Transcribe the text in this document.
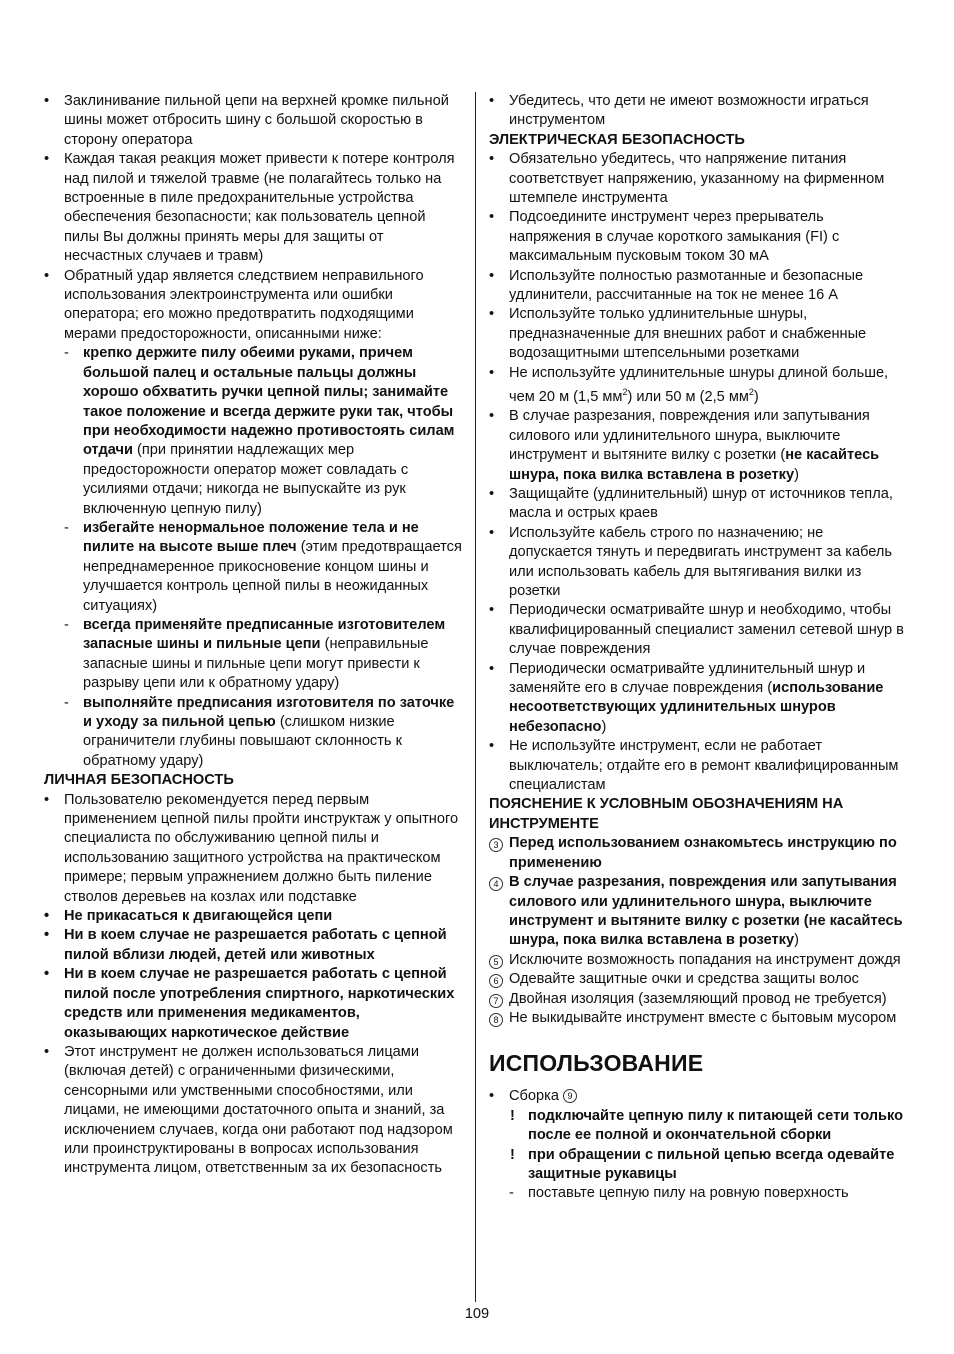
• Заклинивание пильной цепи на верхней кромке пильной шины может отбросить шину с большой скоростью в сторону оператора
• Каждая такая реакция может привести к потере контроля над пилой и тяжелой травме (не полагайтесь только на встроенные в пиле предохранительные устройства обеспечения безопасности; как пользователь цепной пилы Вы должны принять меры для защиты от несчастных случаев и травм)
• Обратный удар является следствием неправильного использования электроинструмента или ошибки оператора; его можно предотвратить подходящими мерами предосторожности, описанными ниже:
- крепко держите пилу обеими руками, причем большой палец и остальные пальцы должны хорошо обхватить ручки цепной пилы; занимайте такое положение и всегда держите руки так, чтобы при необходимости надежно противостоять силам отдачи (при принятии надлежащих мер предосторожности оператор может совладать с усилиями отдачи; никогда не выпускайте из рук включенную цепную пилу)
- избегайте ненормальное положение тела и не пилите на высоте выше плеч (этим предотвращается непреднамеренное прикосновение концом шины и улучшается контроль цепной пилы в неожиданных ситуациях)
- всегда применяйте предписанные изготовителем запасные шины и пильные цепи (неправильные запасные шины и пильные цепи могут привести к разрыву цепи или к обратному удару)
- выполняйте предписания изготовителя по заточке и уходу за пильной цепью (слишком низкие ограничители глубины повышают склонность к обратному удару)
ЛИЧНАЯ БЕЗОПАСНОСТЬ
• Пользователю рекомендуется перед первым применением цепной пилы пройти инструктаж у опытного специалиста по обслуживанию цепной пилы и использованию защитного устройства на практическом примере; первым упражнением должно быть пиление стволов деревьев на козлах или подставке
• Не прикасаться к двигающейся цепи
• Ни в коем случае не разрешается работать с цепной пилой вблизи людей, детей или животных
• Ни в коем случае не разрешается работать с цепной пилой после употребления спиртного, наркотических средств или применения медикаментов, оказывающих наркотическое действие
• Этот инструмент не должен использоваться лицами (включая детей) с ограниченными физическими, сенсорными или умственными способностями, или лицами, не имеющими достаточного опыта и знаний, за исключением случаев, когда они работают под надзором или проинструктированы в вопросах использования инструмента лицом, ответственным за их безопасность
• Убедитесь, что дети не имеют возможности играться инструментом
ЭЛЕКТРИЧЕСКАЯ БЕЗОПАСНОСТЬ
• Обязательно убедитесь, что напряжение питания соответствует напряжению, указанному на фирменном штемпеле инструмента
• Подсоедините инструмент через прерыватель напряжения в случае короткого замыкания (FI) с максимальным пусковым током 30 мА
• Используйте полностью размотанные и безопасные удлинители, рассчитанные на ток не менее 16 А
• Используйте только удлинительные шнуры, предназначенные для внешних работ и снабженные водозащитными штепсельными розетками
• Не используйте удлинительные шнуры длиной больше, чем 20 м (1,5 $мм^2$) или 50 м (2,5 $мм^2$)
• В случае разрезания, повреждения или запутывания силового или удлинительного шнура, выключите инструмент и вытяните вилку с розетки (не касайтесь шнура, пока вилка вставлена в розетку)
• Защищайте (удлинительный) шнур от источников тепла, масла и острых краев
• Используйте кабель строго по назначению; не допускается тянуть и передвигать инструмент за кабель или использовать кабель для вытягивания вилки из розетки
• Периодически осматривайте шнур и необходимо, чтобы квалифицированный специалист заменил сетевой шнур в случае повреждения
• Периодически осматривайте удлинительный шнур и заменяйте его в случае повреждения (использование несоответствующих удлинительных шнуров небезопасно)
• Не используйте инструмент, если не работает выключатель; отдайте его в ремонт квалифицированным специалистам
ПОЯСНЕНИЕ К УСЛОВНЫМ ОБОЗНАЧЕНИЯМ НА ИНСТРУМЕНТЕ
3 Перед использованием ознакомьтесь инструкцию по применению
4 В случае разрезания, повреждения или запутывания силового или удлинительного шнура, выключите инструмент и вытяните вилку с розетки (не касайтесь шнура, пока вилка вставлена в розетку)
5 Исключите возможность попадания на инструмент дождя
6 Одевайте защитные очки и средства защиты волос
7 Двойная изоляция (заземляющий провод не требуется)
8 Не выкидывайте инструмент вместе с бытовым мусором
ИСПОЛЬЗОВАНИЕ
• Сборка 9
! подключайте цепную пилу к питающей сети только после ее полной и окончательной сборки
! при обращении с пильной цепью всегда одевайте защитные рукавицы
- поставьте цепную пилу на ровную поверхность
109
